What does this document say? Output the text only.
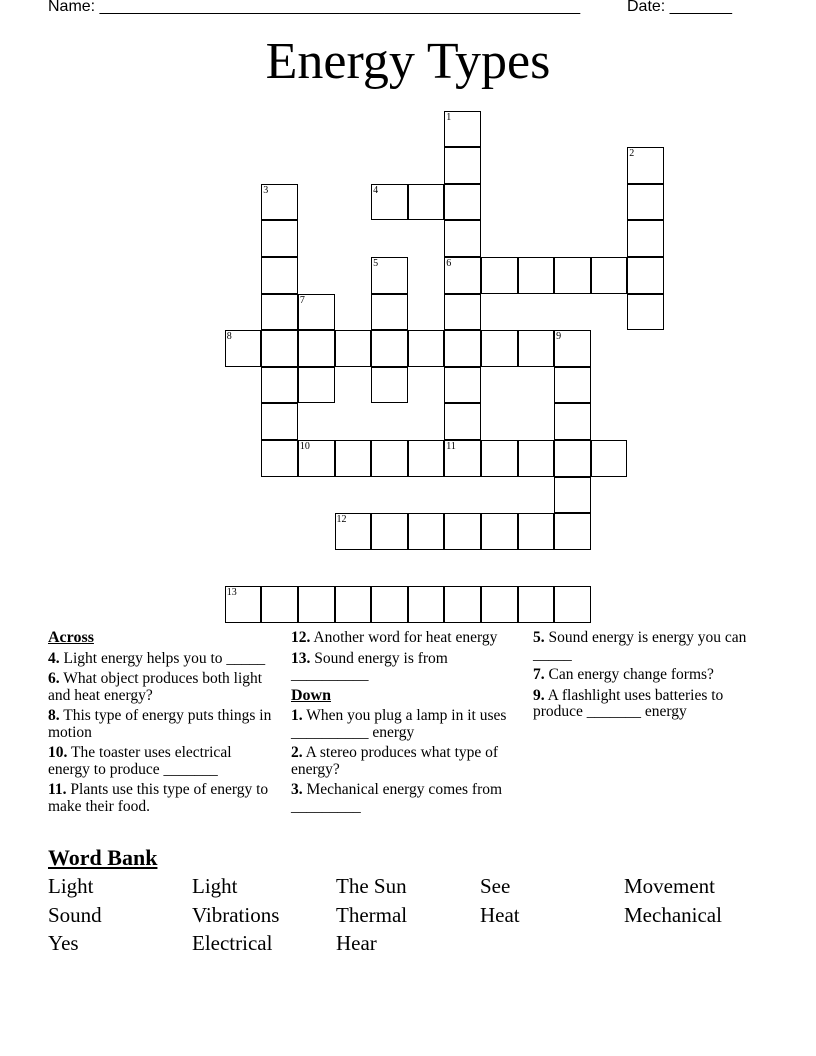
Name: ______________________________________________________	Date: _______
Energy Types
1
6
2
3	4
5
7
8	9
10	11
12
13
Across
4. Light energy helps you to _____
6. What object produces both light and heat energy?
8. This type of energy puts things in motion
10. The toaster uses electrical energy to produce _______
11. Plants use this type of energy to make their food.
12. Another word for heat energy
13. Sound energy is from __________
Down
1. When you plug a lamp in it uses __________ energy
2. A stereo produces what type of energy?
3. Mechanical energy comes from _________
5. Sound energy is energy you can _____
7. Can energy change forms?
9. A flashlight uses batteries to produce _______ energy
Word Bank
Light	Light	The Sun	See	Movement
Sound	Vibrations	Thermal	Heat	Mechanical
Yes	Electrical	Hear
